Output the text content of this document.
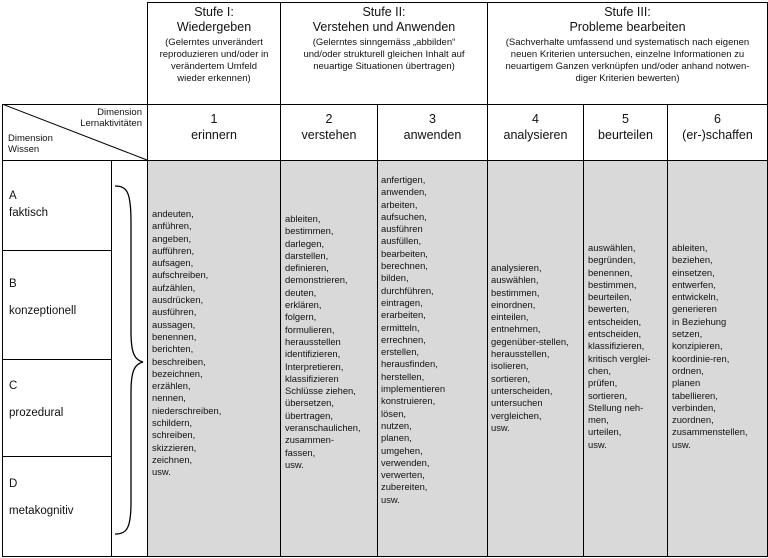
Stufe I:
Wiedergeben
(Gelerntes unverändert
reproduzieren und/oder in
verändertem Umfeld
wieder erkennen)
Stufe II:
Verstehen und Anwenden
(Gelerntes sinngemäss „abbilden“
und/oder strukturell gleichen Inhalt auf
neuartige Situationen übertragen)
Stufe III:
Probleme bearbeiten
(Sachverhalte umfassend und systematisch nach eigenen
neuen Kriterien untersuchen, einzelne Informationen zu
neuartigem Ganzen verknüpfen und/oder anhand notwen-
diger Kriterien bewerten)
Dimension
Lernaktivitäten
Dimension
Wissen
1
erinnern
2
verstehen
3
anwenden
4
analysieren
5
beurteilen
6
(er-)schaffen
A
faktisch
B
konzeptionell
C
prozedural
D
metakognitiv
andeuten,
anführen,
angeben,
aufführen,
aufsagen,
aufschreiben,
aufzählen,
ausdrücken,
ausführen,
aussagen,
benennen,
berichten,
beschreiben,
bezeichnen,
erzählen,
nennen,
niederschreiben,
schildern,
schreiben,
skizzieren,
zeichnen,
usw.
ableiten,
bestimmen,
darlegen,
darstellen,
definieren,
demonstrieren,
deuten,
erklären,
folgern,
formulieren,
herausstellen
identifizieren,
Interpretieren,
klassifizieren
Schlüsse ziehen,
übersetzen,
übertragen,
veranschaulichen,
zusammen-
fassen,
usw.
anfertigen,
anwenden,
arbeiten,
aufsuchen,
ausführen
ausfüllen,
bearbeiten,
berechnen,
bilden,
durchführen,
eintragen,
erarbeiten,
ermitteln,
errechnen,
erstellen,
herausfinden,
herstellen,
implementieren
konstruieren,
lösen,
nutzen,
planen,
umgehen,
verwenden,
verwerten,
zubereiten,
usw.
analysieren,
auswählen,
bestimmen,
einordnen,
einteilen,
entnehmen,
gegenüber-stellen,
herausstellen,
isolieren,
sortieren,
unterscheiden,
untersuchen
vergleichen,
usw.
auswählen,
begründen,
benennen,
bestimmen,
beurteilen,
bewerten,
entscheiden,
entscheiden,
klassifizieren,
kritisch verglei-
chen,
prüfen,
sortieren,
Stellung neh-
men,
urteilen,
usw.
ableiten,
beziehen,
einsetzen,
entwerfen,
entwickeln,
generieren
in Beziehung
setzen,
konzipieren,
koordinie-ren,
ordnen,
planen
tabellieren,
verbinden,
zuordnen,
zusammenstellen,
usw.
